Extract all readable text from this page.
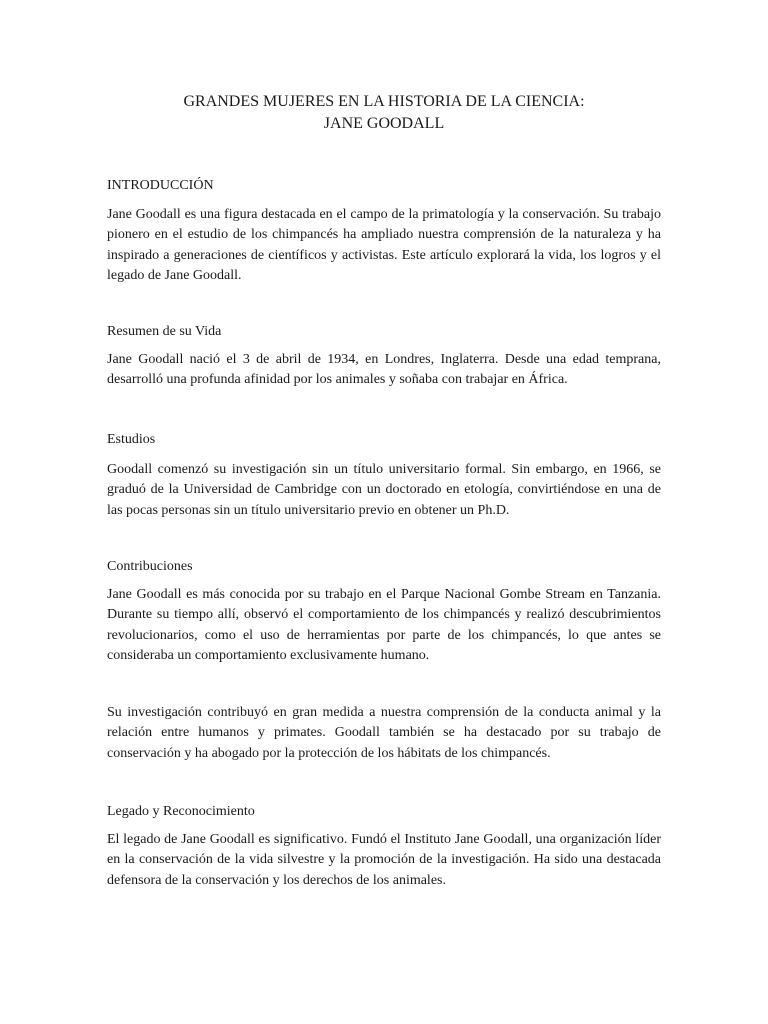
GRANDES MUJERES EN LA HISTORIA DE LA CIENCIA:
JANE GOODALL
INTRODUCCIÓN

Jane Goodall es una figura destacada en el campo de la primatología y la conservación. Su trabajo pionero en el estudio de los chimpancés ha ampliado nuestra comprensión de la naturaleza y ha inspirado a generaciones de científicos y activistas. Este artículo explorará la vida, los logros y el legado de Jane Goodall.

Resumen de su Vida

Jane Goodall nació el 3 de abril de 1934, en Londres, Inglaterra. Desde una edad temprana, desarrolló una profunda afinidad por los animales y soñaba con trabajar en África.

Estudios

Goodall comenzó su investigación sin un título universitario formal. Sin embargo, en 1966, se graduó de la Universidad de Cambridge con un doctorado en etología, convirtiéndose en una de las pocas personas sin un título universitario previo en obtener un Ph.D.

Contribuciones

Jane Goodall es más conocida por su trabajo en el Parque Nacional Gombe Stream en Tanzania. Durante su tiempo allí, observó el comportamiento de los chimpancés y realizó descubrimientos revolucionarios, como el uso de herramientas por parte de los chimpancés, lo que antes se consideraba un comportamiento exclusivamente humano.

Su investigación contribuyó en gran medida a nuestra comprensión de la conducta animal y la relación entre humanos y primates. Goodall también se ha destacado por su trabajo de conservación y ha abogado por la protección de los hábitats de los chimpancés.

Legado y Reconocimiento

El legado de Jane Goodall es significativo. Fundó el Instituto Jane Goodall, una organización líder en la conservación de la vida silvestre y la promoción de la investigación. Ha sido una destacada defensora de la conservación y los derechos de los animales.
